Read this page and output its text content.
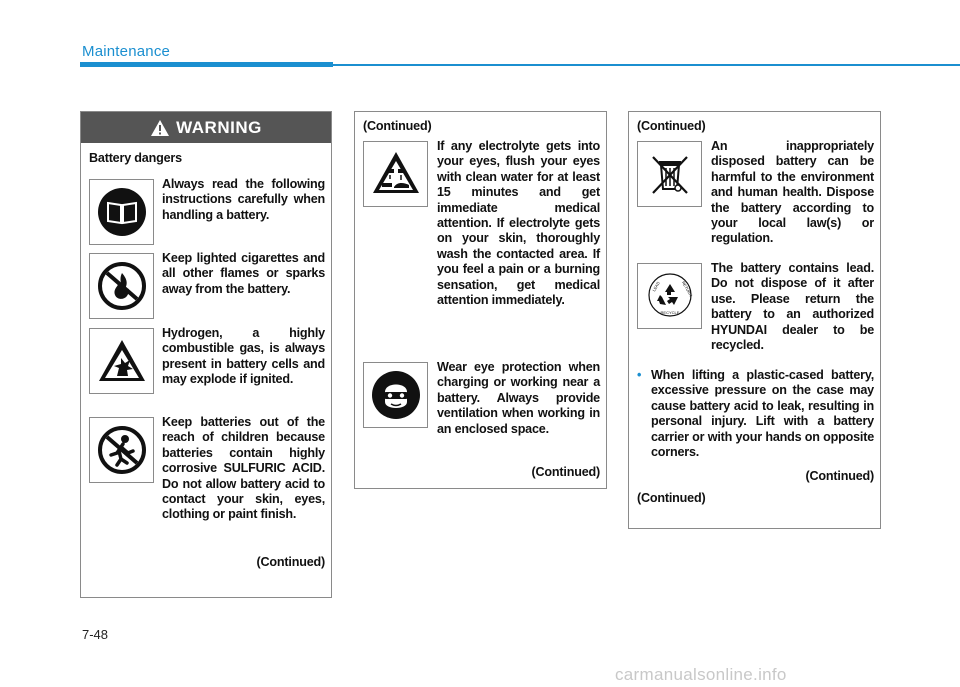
Maintenance
WARNING
Battery dangers
Always read the following instructions carefully when handling a battery.
Keep lighted cigarettes and all other flames or sparks away from the battery.
Hydrogen, a highly combustible gas, is always present in battery cells and may explode if ignited.
Keep batteries out of the reach of children because batteries contain highly corrosive SULFURIC ACID. Do not allow battery acid to contact your skin, eyes, clothing or paint finish.
(Continued)
(Continued)
If any electrolyte gets into your eyes, flush your eyes with clean water for at least 15 minutes and get immediate medical attention. If electrolyte gets on your skin, thoroughly wash the contacted area. If you feel a pain or a burning sensation, get medical attention immediately.
Wear eye protection when charging or working near a battery. Always provide ventilation when working in an enclosed space.
(Continued)
(Continued)
An inappropriately disposed battery can be harmful to the environment and human health. Dispose the battery according to your local law(s) or regulation.
LEAD	RETURN
RECYCLE
The battery contains lead. Do not dispose of it after use. Please return the battery to an authorized HYUNDAI dealer to be recycled.
• When lifting a plastic-cased battery, excessive pressure on the case may cause battery acid to leak, resulting in personal injury. Lift with a battery carrier or with your hands on opposite corners.
(Continued)
(Continued)
7-48
carmanualsonline.info
